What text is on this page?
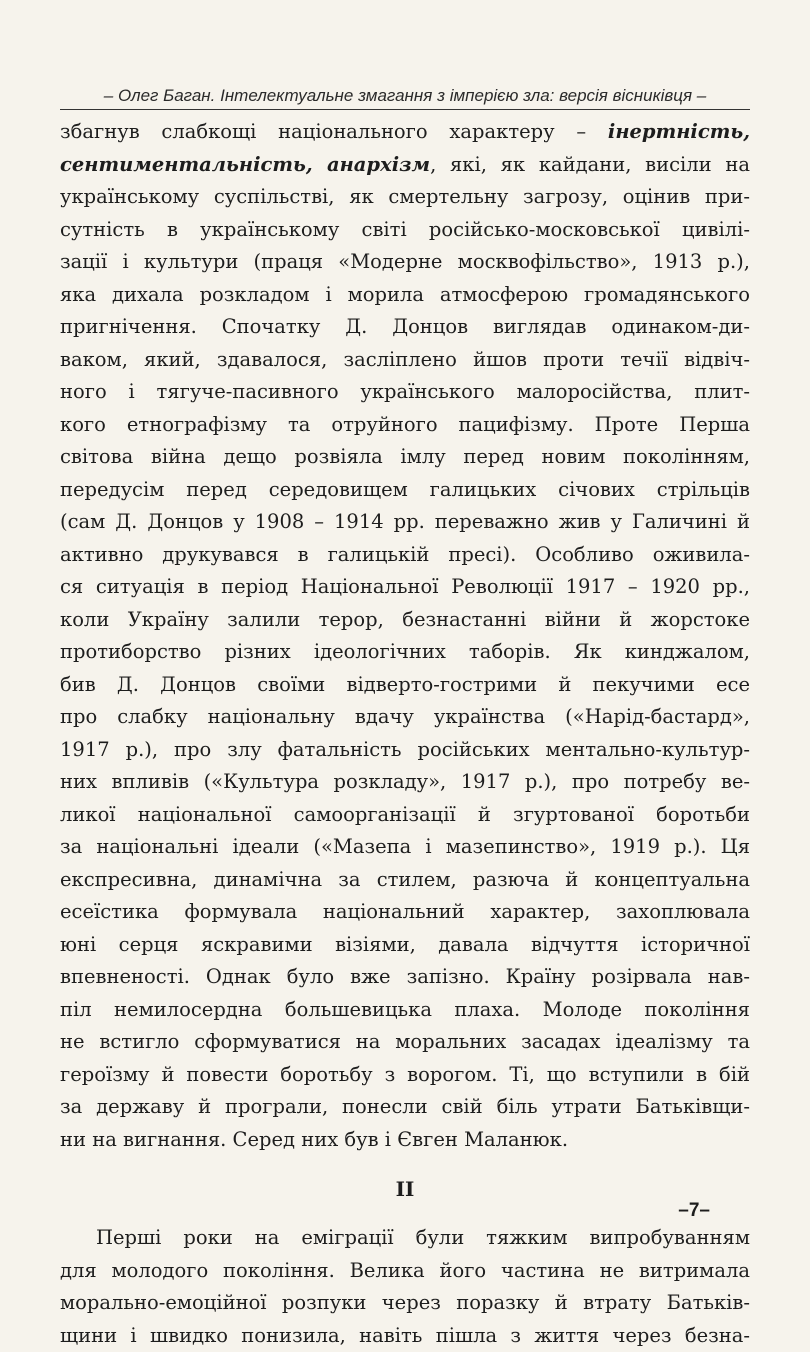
– Олег Баган. Інтелектуальне змагання з імперією зла: версія вісниківця –
збагнув слабкощі національного характеру – інертність,
сентиментальність, анархізм, які, як кайдани, висіли на
українському суспільстві, як смертельну загрозу, оцінив при-
сутність в українському світі російсько-московської цивілі-
зації і культури (праця «Модерне москвофільство», 1913 р.),
яка дихала розкладом і морила атмосферою громадянського
пригнічення. Спочатку Д. Донцов виглядав одинаком-ди-
ваком, який, здавалося, засліплено йшов проти течії відвіч-
ного і тягуче-пасивного українського малоросійства, плит-
кого етнографізму та отруйного пацифізму. Проте Перша
світова війна дещо розвіяла імлу перед новим поколінням,
передусім перед середовищем галицьких січових стрільців
(сам Д. Донцов у 1908 – 1914 рр. переважно жив у Галичині й
активно друкувався в галицькій пресі). Особливо оживила-
ся ситуація в період Національної Революції 1917 – 1920 рр.,
коли Україну залили терор, безнастанні війни й жорстоке
протиборство різних ідеологічних таборів. Як кинджалом,
бив Д. Донцов своїми відверто-гострими й пекучими есе
про слабку національну вдачу українства («Нарід-бастард»,
1917 р.), про злу фатальність російських ментально-культур-
них впливів («Культура розкладу», 1917 р.), про потребу ве-
ликої національної самоорганізації й згуртованої боротьби
за національні ідеали («Мазепа і мазепинство», 1919 р.). Ця
експресивна, динамічна за стилем, разюча й концептуальна
есеїстика формувала національний характер, захоплювала
юні серця яскравими візіями, давала відчуття історичної
впевненості. Однак було вже запізно. Країну розірвала нав-
піл немилосердна большевицька плаха. Молоде покоління
не встигло сформуватися на моральних засадах ідеалізму та
героїзму й повести боротьбу з ворогом. Ті, що вступили в бій
за державу й програли, понесли свій біль утрати Батьківщи-
ни на вигнання. Серед них був і Євген Маланюк.
II
Перші роки на еміграції були тяжким випробуванням
для молодого покоління. Велика його частина не витримала
морально-емоційної розпуки через поразку й втрату Батьків-
щини і швидко понизила, навіть пішла з життя через безна-
–7–
